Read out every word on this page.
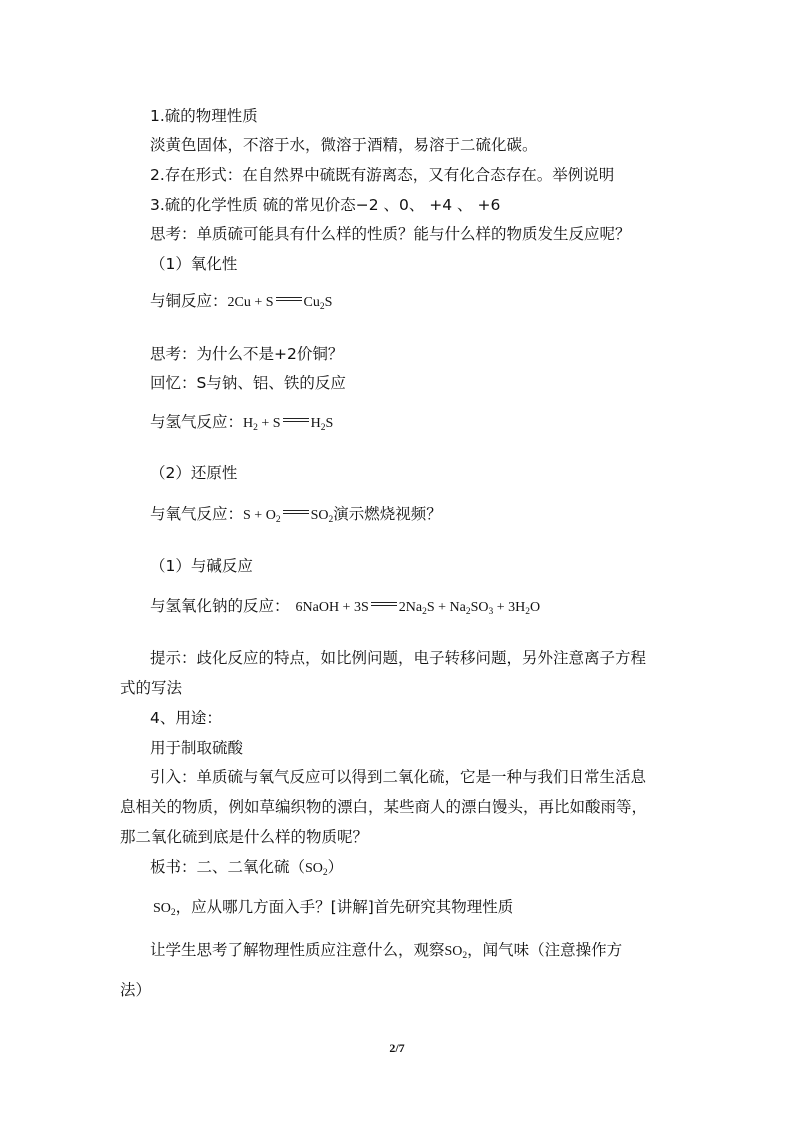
1.硫的物理性质
淡黄色固体，不溶于水，微溶于酒精，易溶于二硫化碳。
2.存在形式：在自然界中硫既有游离态，又有化合态存在。举例说明
3.硫的化学性质 硫的常见价态−2 、0、 +4 、 +6
思考：单质硫可能具有什么样的性质？能与什么样的物质发生反应呢？
（1）氧化性
与铜反应：2Cu + S $Cu_2S$
思考：为什么不是+2价铜？
回忆：S与钠、铝、铁的反应
与氢气反应：$H_2 + S$ $H_2S$
（2）还原性
与氧气反应：$S + O_2$ $SO_2$演示燃烧视频？
（1）与碱反应
与氢氧化钠的反应： 6NaOH + 3S $2Na_2S + Na_2SO_3 + 3H_2O$
提示：歧化反应的特点，如比例问题，电子转移问题，另外注意离子方程
式的写法
4、用途：
用于制取硫酸
引入：单质硫与氧气反应可以得到二氧化硫，它是一种与我们日常生活息
息相关的物质，例如草编织物的漂白，某些商人的漂白馒头，再比如酸雨等，
那二氧化硫到底是什么样的物质呢？
板书：二、二氧化硫$(SO_2)$
$SO_2$，应从哪几方面入手？[讲解]首先研究其物理性质
让学生思考了解物理性质应注意什么，观察$SO_2$，闻气味（注意操作方
法）
2/7
